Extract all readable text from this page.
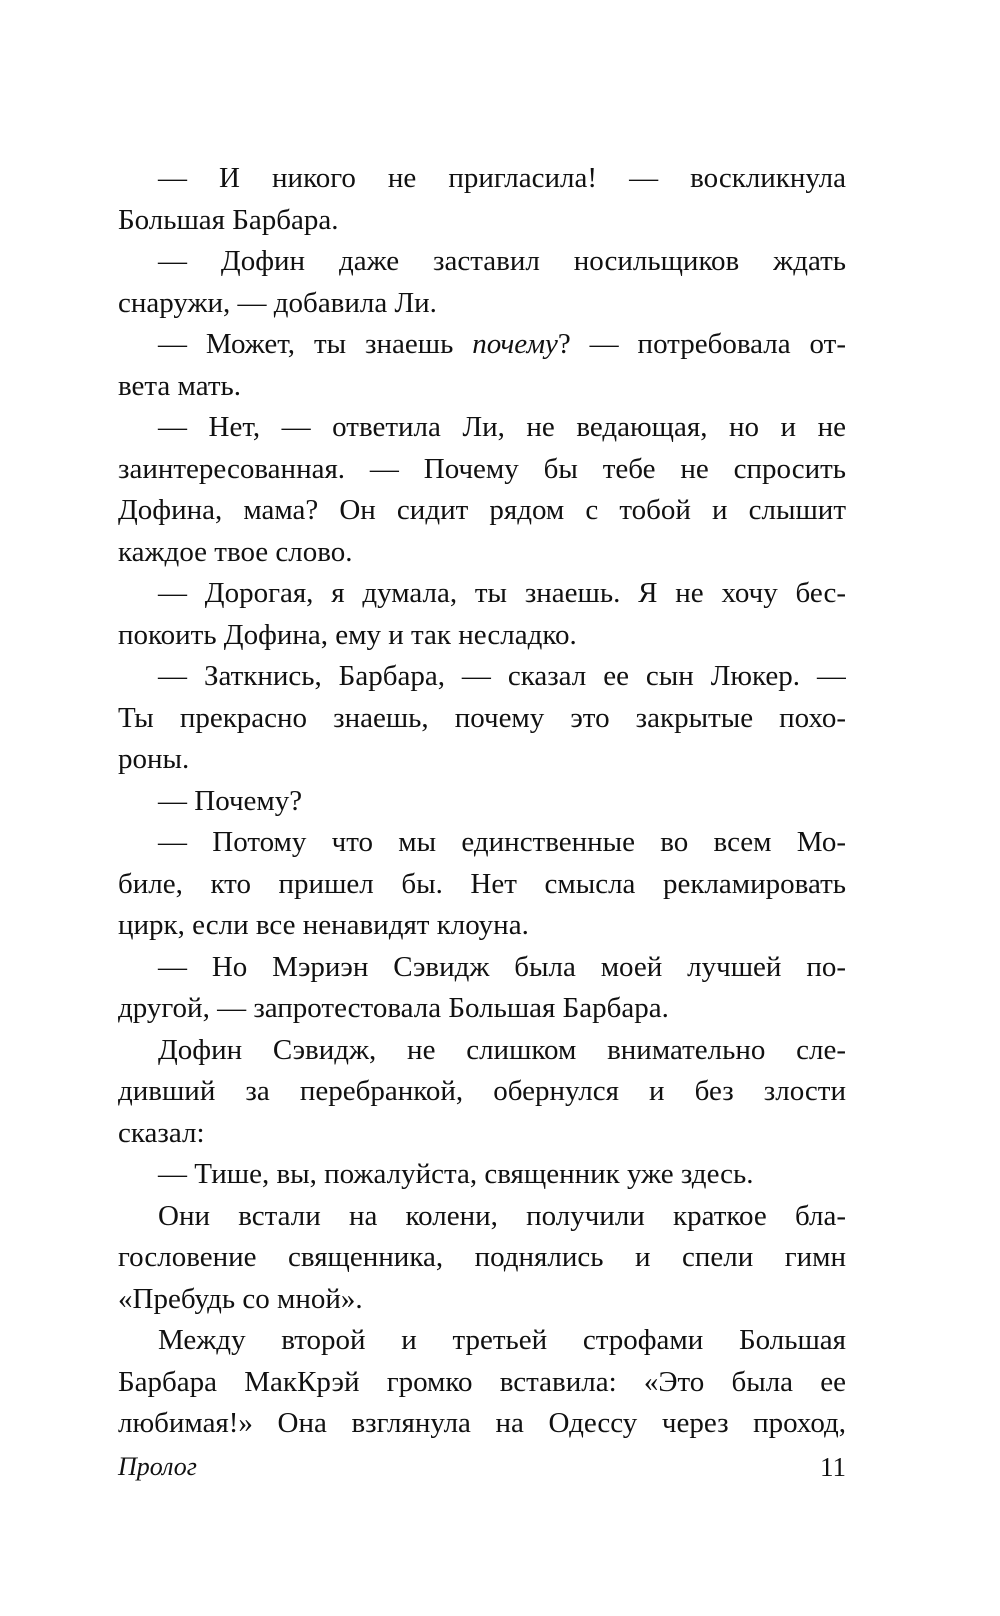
— И никого не пригласила! — воскликнула
Большая Барбара.
— Дофин даже заставил носильщиков ждать
снаружи, — добавила Ли.
— Может, ты знаешь почему? — потребовала от-
вета мать.
— Нет, — ответила Ли, не ведающая, но и не
заинтересованная. — Почему бы тебе не спросить
Дофина, мама? Он сидит рядом с тобой и слышит
каждое твое слово.
— Дорогая, я думала, ты знаешь. Я не хочу бес-
покоить Дофина, ему и так несладко.
— Заткнись, Барбара, — сказал ее сын Люкер. —
Ты прекрасно знаешь, почему это закрытые похо-
роны.
— Почему?
— Потому что мы единственные во всем Мо-
биле, кто пришел бы. Нет смысла рекламировать
цирк, если все ненавидят клоуна.
— Но Мэриэн Сэвидж была моей лучшей по-
другой, — запротестовала Большая Барбара.
Дофин Сэвидж, не слишком внимательно сле-
дивший за перебранкой, обернулся и без злости
сказал:
— Тише, вы, пожалуйста, священник уже здесь.
Они встали на колени, получили краткое бла-
гословение священника, поднялись и спели гимн
«Пребудь со мной».
Между второй и третьей строфами Большая
Барбара МакКрэй громко вставила: «Это была ее
любимая!» Она взглянула на Одессу через проход,
Пролог	11
